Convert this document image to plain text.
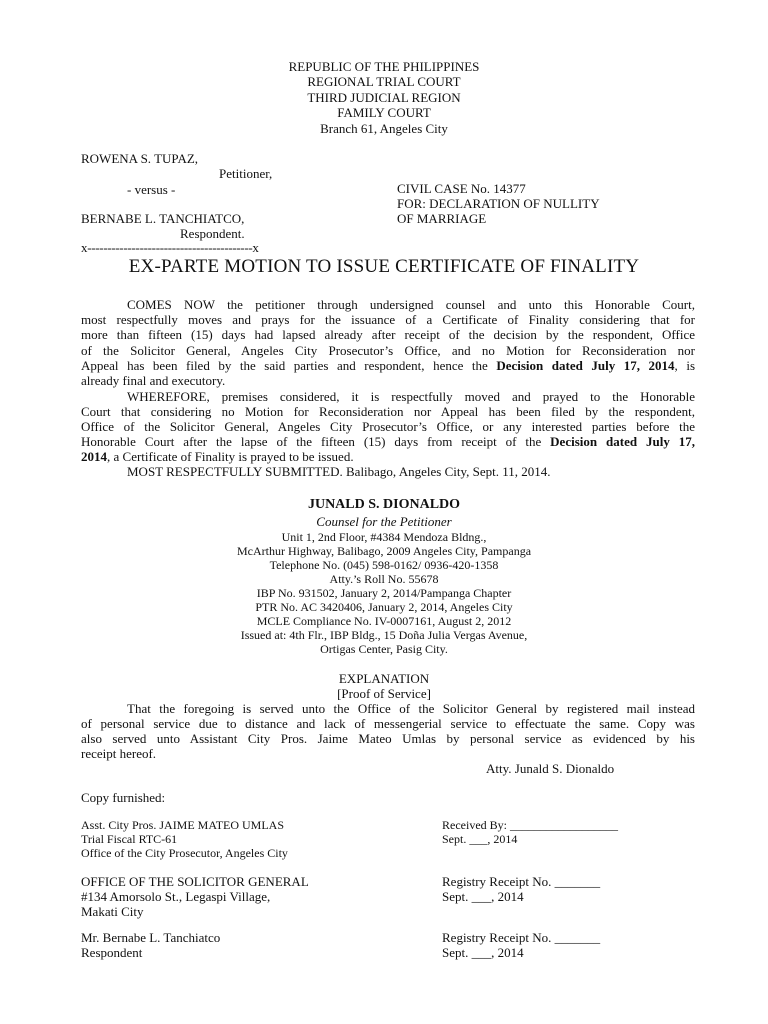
REPUBLIC OF THE PHILIPPINES
REGIONAL TRIAL COURT
THIRD JUDICIAL REGION
FAMILY COURT
Branch 61, Angeles City
ROWENA S. TUPAZ,
Petitioner,
- versus -
BERNABE L. TANCHIATCO,
Respondent.
x-----------------------------------------x
CIVIL CASE No. 14377
FOR: DECLARATION OF NULLITY
OF MARRIAGE
EX-PARTE MOTION TO ISSUE CERTIFICATE OF FINALITY
COMES NOW the petitioner through undersigned counsel and unto this Honorable Court,
most respectfully moves and prays for the issuance of a Certificate of Finality considering that for
more than fifteen (15) days had lapsed already after receipt of the decision by the respondent, Office
of the Solicitor General, Angeles City Prosecutor’s Office, and no Motion for Reconsideration nor
Appeal has been filed by the said parties and respondent, hence the Decision dated July 17, 2014, is
already final and executory.
WHEREFORE, premises considered, it is respectfully moved and prayed to the Honorable
Court that considering no Motion for Reconsideration nor Appeal has been filed by the respondent,
Office of the Solicitor General, Angeles City Prosecutor’s Office, or any interested parties before the
Honorable Court after the lapse of the fifteen (15) days from receipt of the Decision dated July 17,
2014, a Certificate of Finality is prayed to be issued.
MOST RESPECTFULLY SUBMITTED. Balibago, Angeles City, Sept. 11, 2014.
JUNALD S. DIONALDO
Counsel for the Petitioner
Unit 1, 2nd Floor, #4384 Mendoza Bldng.,
McArthur Highway, Balibago, 2009 Angeles City, Pampanga
Telephone No. (045) 598-0162/ 0936-420-1358
Atty.’s Roll No. 55678
IBP No. 931502, January 2, 2014/Pampanga Chapter
PTR No. AC 3420406, January 2, 2014, Angeles City
MCLE Compliance No. IV-0007161, August 2, 2012
Issued at: 4th Flr., IBP Bldg., 15 Doña Julia Vergas Avenue,
Ortigas Center, Pasig City.
EXPLANATION
[Proof of Service]
That the foregoing is served unto the Office of the Solicitor General by registered mail instead
of personal service due to distance and lack of messengerial service to effectuate the same. Copy was
also served unto Assistant City Pros. Jaime Mateo Umlas by personal service as evidenced by his
receipt hereof.
Atty. Junald S. Dionaldo
Copy furnished:
Asst. City Pros. JAIME MATEO UMLAS
Trial Fiscal RTC-61
Office of the City Prosecutor, Angeles City
Received By: __________________
Sept. ___, 2014
OFFICE OF THE SOLICITOR GENERAL
#134 Amorsolo St., Legaspi Village,
Makati City
Registry Receipt No. _______
Sept. ___, 2014
Mr. Bernabe L. Tanchiatco
Respondent
Registry Receipt No. _______
Sept. ___, 2014
